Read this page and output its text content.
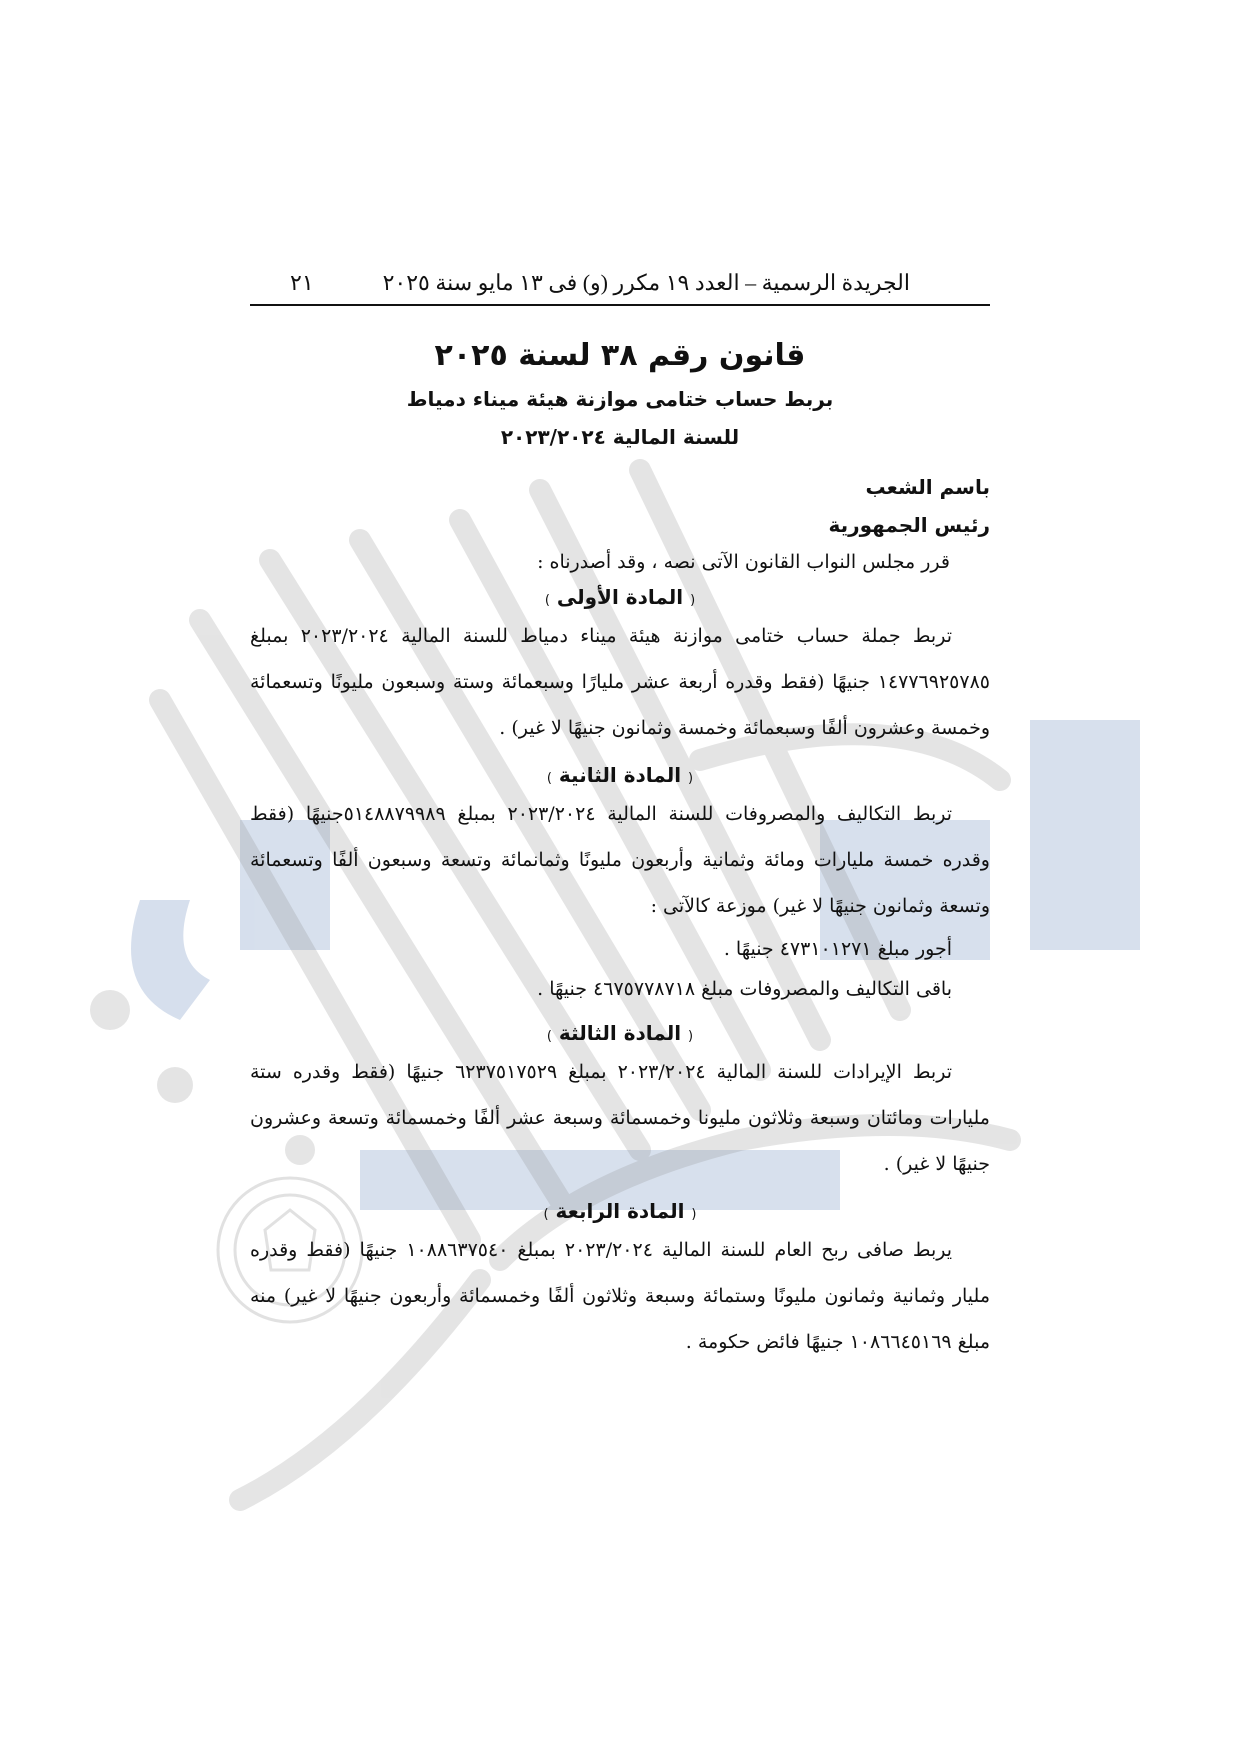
الجريدة الرسمية – العدد ١٩ مكرر (و) فى ١٣ مايو سنة ٢٠٢٥
٢١
قانون رقم ٣٨ لسنة ٢٠٢٥
بربط حساب ختامى موازنة هيئة ميناء دمياط
للسنة المالية ٢٠٢٣/٢٠٢٤
باسم الشعب
رئيس الجمهورية
قرر مجلس النواب القانون الآتى نصه ، وقد أصدرناه :
( المادة الأولى )
تربط جملة حساب ختامى موازنة هيئة ميناء دمياط للسنة المالية ٢٠٢٣/٢٠٢٤ بمبلغ ١٤٧٧٦٩٢٥٧٨٥ جنيهًا (فقط وقدره أربعة عشر مليارًا وسبعمائة وستة وسبعون مليونًا وتسعمائة وخمسة وعشرون ألفًا وسبعمائة وخمسة وثمانون جنيهًا لا غير) .
( المادة الثانية )
تربط التكاليف والمصروفات للسنة المالية ٢٠٢٣/٢٠٢٤ بمبلغ ٥١٤٨٨٧٩٩٨٩جنيهًا (فقط وقدره خمسة مليارات ومائة وثمانية وأربعون مليونًا وثمانمائة وتسعة وسبعون ألفًا وتسعمائة وتسعة وثمانون جنيهًا لا غير) موزعة كالآتى :
أجور مبلغ ٤٧٣١٠١٢٧١ جنيهًا .
باقى التكاليف والمصروفات مبلغ ٤٦٧٥٧٧٨٧١٨ جنيهًا .
( المادة الثالثة )
تربط الإيرادات للسنة المالية ٢٠٢٣/٢٠٢٤ بمبلغ ٦٢٣٧٥١٧٥٢٩ جنيهًا (فقط وقدره ستة مليارات ومائتان وسبعة وثلاثون مليونا وخمسمائة وسبعة عشر ألفًا وخمسمائة وتسعة وعشرون جنيهًا لا غير) .
( المادة الرابعة )
يربط صافى ربح العام للسنة المالية ٢٠٢٣/٢٠٢٤ بمبلغ ١٠٨٨٦٣٧٥٤٠ جنيهًا (فقط وقدره مليار وثمانية وثمانون مليونًا وستمائة وسبعة وثلاثون ألفًا وخمسمائة وأربعون جنيهًا لا غير) منه مبلغ ١٠٨٦٦٤٥١٦٩ جنيهًا فائض حكومة .
